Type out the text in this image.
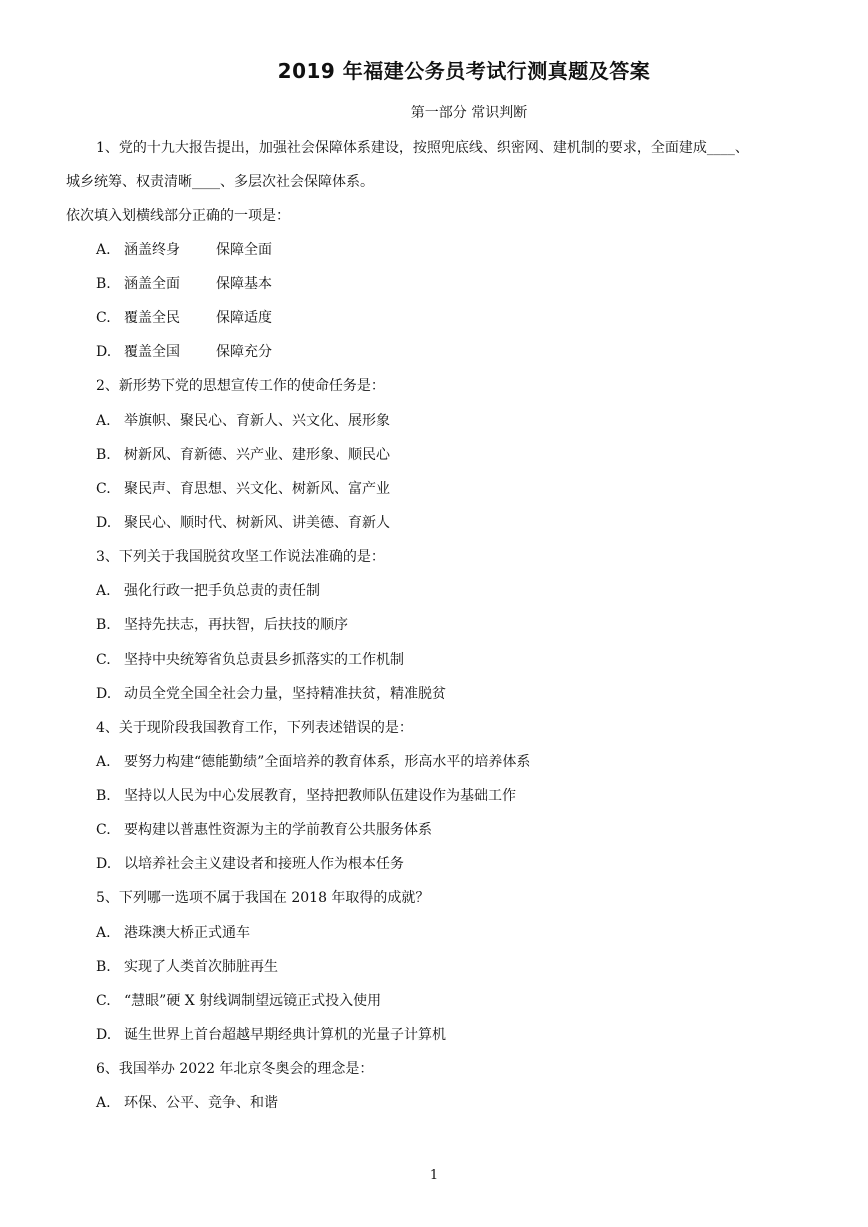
2019 年福建公务员考试行测真题及答案
第一部分 常识判断
1、党的十九大报告提出，加强社会保障体系建设，按照兜底线、织密网、建机制的要求，全面建成____、
城乡统筹、权责清晰____、多层次社会保障体系。
依次填入划横线部分正确的一项是：
A. 涵盖终身	保障全面
B. 涵盖全面	保障基本
C. 覆盖全民	保障适度
D. 覆盖全国	保障充分
2、新形势下党的思想宣传工作的使命任务是：
A. 举旗帜、聚民心、育新人、兴文化、展形象
B. 树新风、育新德、兴产业、建形象、顺民心
C. 聚民声、育思想、兴文化、树新风、富产业
D. 聚民心、顺时代、树新风、讲美德、育新人
3、下列关于我国脱贫攻坚工作说法准确的是：
A. 强化行政一把手负总责的责任制
B. 坚持先扶志，再扶智，后扶技的顺序
C. 坚持中央统筹省负总责县乡抓落实的工作机制
D. 动员全党全国全社会力量，坚持精准扶贫，精准脱贫
4、关于现阶段我国教育工作，下列表述错误的是：
A. 要努力构建“德能勤绩”全面培养的教育体系，形高水平的培养体系
B. 坚持以人民为中心发展教育，坚持把教师队伍建设作为基础工作
C. 要构建以普惠性资源为主的学前教育公共服务体系
D. 以培养社会主义建设者和接班人作为根本任务
5、下列哪一选项不属于我国在 2018 年取得的成就？
A. 港珠澳大桥正式通车
B. 实现了人类首次肺脏再生
C. “慧眼”硬 X 射线调制望远镜正式投入使用
D. 诞生世界上首台超越早期经典计算机的光量子计算机
6、我国举办 2022 年北京冬奥会的理念是：
A. 环保、公平、竞争、和谐
1
